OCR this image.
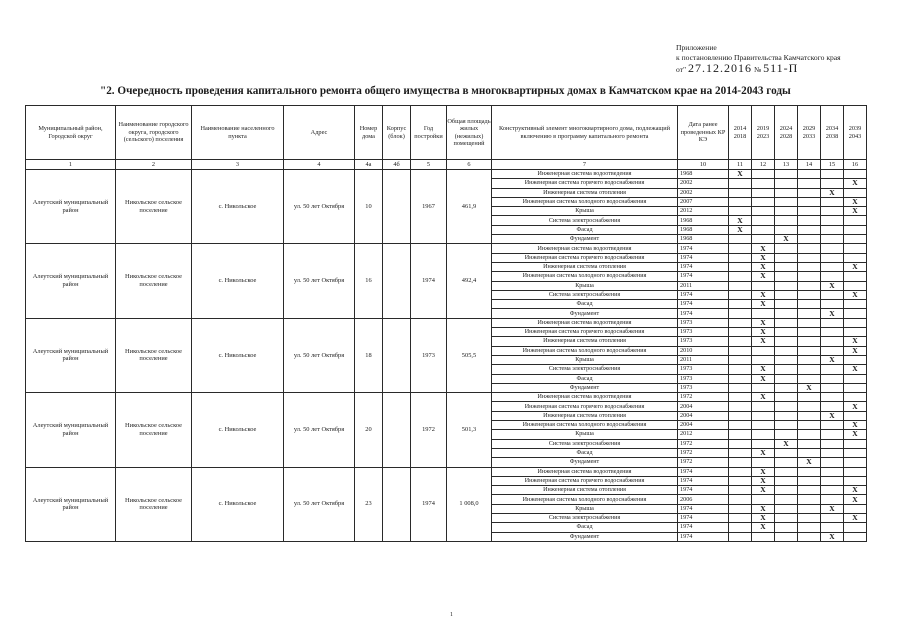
Приложение
к постановлению Правительства Камчатского края
от" 27.12.2016 № 511-П
"2. Очередность проведения капитального ремонта общего имущества в многоквартирных домах в Камчатском крае на 2014-2043 годы
Муниципальный район, Городской округ	Наименование городского округа, городского (сельского) поселения	Наименование населенного пункта	Адрес	Номер дома	Корпус (блок)	Год постройки	Общая площадь жилых (нежилых) помещений	Конструктивный элемент многоквартирного дома, подлежащий включению в программу капитального ремонта	Дата ранее проведенных КР КЭ	2014 2018	2019 2023	2024 2028	2029 2033	2034 2038	2039 2043
1	2	3	4	4а	4б	5	6	7	10	11	12	13	14	15	16
Алеутский муниципальный район	Никольское сельское поселение	с. Никольское	ул. 50 лет Октября	10		1967	461,9	Инженерная система водоотведения	1968	X					
								Инженерная система горячего водоснабжения	2002						X
								Инженерная система отопления	2002					X	
								Инженерная система холодного водоснабжения	2007						X
								Крыша	2012						X
								Система электроснабжения	1968	X					
								Фасад	1968	X					
								Фундамент	1968			X			
Алеутский муниципальный район	Никольское сельское поселение	с. Никольское	ул. 50 лет Октября	16		1974	492,4	Инженерная система водоотведения	1974		X				
								Инженерная система горячего водоснабжения	1974		X				
								Инженерная система отопления	1974		X				X
								Инженерная система холодного водоснабжения	1974		X				
								Крыша	2011					X	
								Система электроснабжения	1974		X				X
								Фасад	1974		X				
								Фундамент	1974					X	
Алеутский муниципальный район	Никольское сельское поселение	с. Никольское	ул. 50 лет Октября	18		1973	505,5	Инженерная система водоотведения	1973		X				
								Инженерная система горячего водоснабжения	1973		X				
								Инженерная система отопления	1973		X				X
								Инженерная система холодного водоснабжения	2010						X
								Крыша	2011					X	
								Система электроснабжения	1973		X				X
								Фасад	1973		X				
								Фундамент	1973				X		
Алеутский муниципальный район	Никольское сельское поселение	с. Никольское	ул. 50 лет Октября	20		1972	501,3	Инженерная система водоотведения	1972		X				
								Инженерная система горячего водоснабжения	2004						X
								Инженерная система отопления	2004					X	
								Инженерная система холодного водоснабжения	2004						X
								Крыша	2012						X
								Система электроснабжения	1972			X			
								Фасад	1972		X				
								Фундамент	1972				X		
Алеутский муниципальный район	Никольское сельское поселение	с. Никольское	ул. 50 лет Октября	23		1974	1 008,0	Инженерная система водоотведения	1974		X				
								Инженерная система горячего водоснабжения	1974		X				
								Инженерная система отопления	1974		X				X
								Инженерная система холодного водоснабжения	2006						X
								Крыша	1974		X			X	
								Система электроснабжения	1974		X				X
								Фасад	1974		X				
								Фундамент	1974					X	
1
